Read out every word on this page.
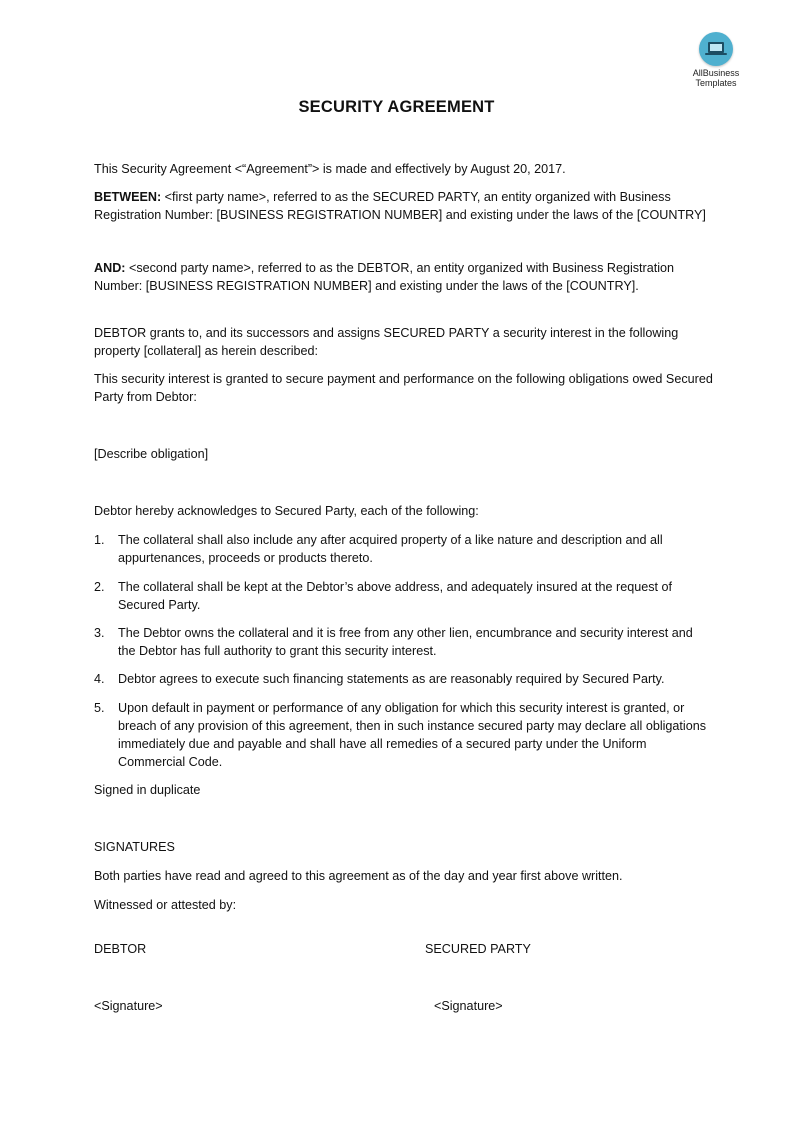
AllBusiness
Templates
SECURITY AGREEMENT
This Security Agreement <“Agreement”> is made and effectively by August 20, 2017.
BETWEEN: <first party name>, referred to as the SECURED PARTY, an entity organized with Business Registration Number: [BUSINESS REGISTRATION NUMBER] and existing under the laws of the [COUNTRY]
AND: <second party name>, referred to as the DEBTOR, an entity organized with Business Registration Number: [BUSINESS REGISTRATION NUMBER] and existing under the laws of the [COUNTRY].
DEBTOR grants to, and its successors and assigns SECURED PARTY a security interest in the following property [collateral] as herein described:
This security interest is granted to secure payment and performance on the following obligations owed Secured Party from Debtor:
[Describe obligation]
Debtor hereby acknowledges to Secured Party, each of the following:
1.	The collateral shall also include any after acquired property of a like nature and description and all appurtenances, proceeds or products thereto.
2.	The collateral shall be kept at the Debtor’s above address, and adequately insured at the request of Secured Party.
3.	The Debtor owns the collateral and it is free from any other lien, encumbrance and security interest and the Debtor has full authority to grant this security interest.
4.	Debtor agrees to execute such financing statements as are reasonably required by Secured Party.
5.	Upon default in payment or performance of any obligation for which this security interest is granted, or breach of any provision of this agreement, then in such instance secured party may declare all obligations immediately due and payable and shall have all remedies of a secured party under the Uniform Commercial Code.
Signed in duplicate
SIGNATURES
Both parties have read and agreed to this agreement as of the day and year first above written.
Witnessed or attested by:
DEBTOR	SECURED PARTY
<Signature>	<Signature>
